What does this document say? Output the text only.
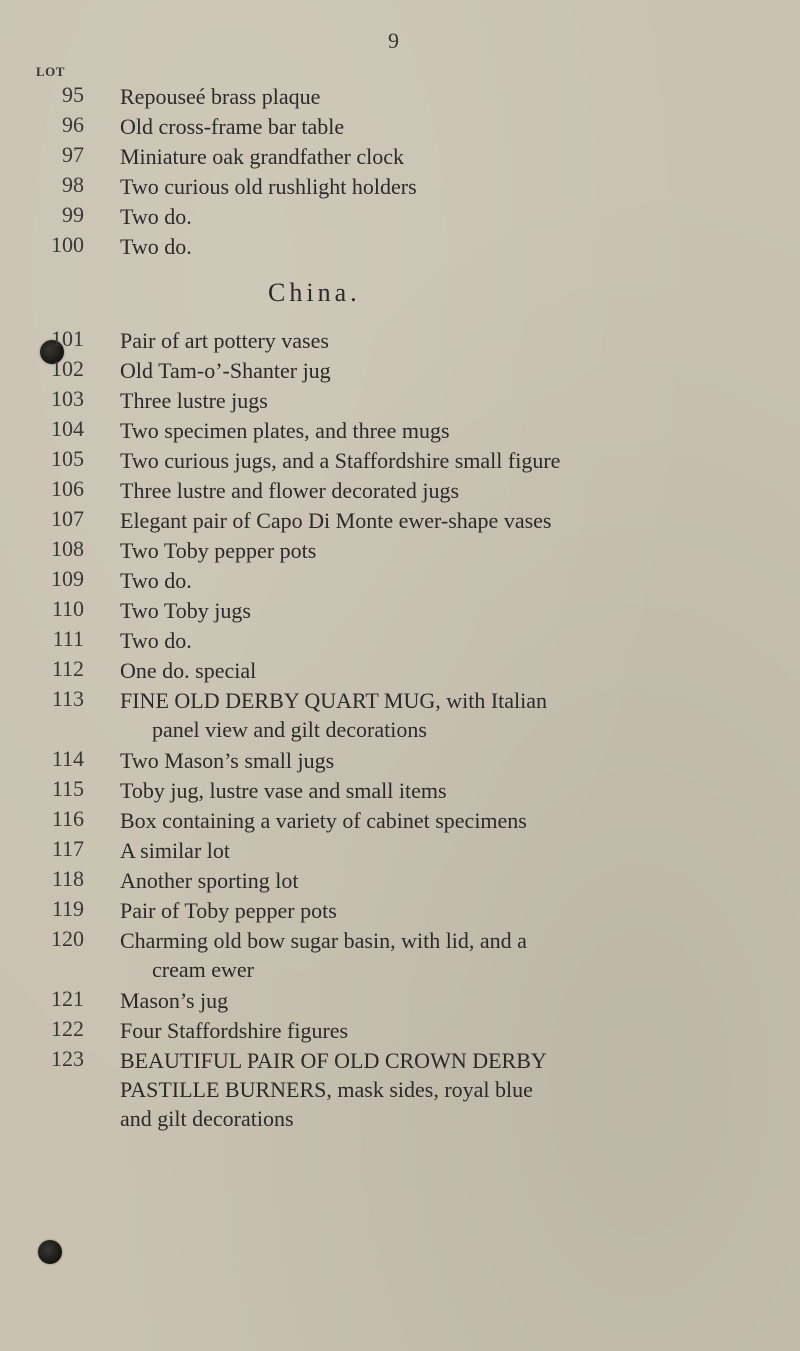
9
LOT
95 Repouseé brass plaque
96 Old cross-frame bar table
97 Miniature oak grandfather clock
98 Two curious old rushlight holders
99 Two do.
100 Two do.
China.
101 Pair of art pottery vases
102 Old Tam-o’-Shanter jug
103 Three lustre jugs
104 Two specimen plates, and three mugs
105 Two curious jugs, and a Staffordshire small figure
106 Three lustre and flower decorated jugs
107 Elegant pair of Capo Di Monte ewer-shape vases
108 Two Toby pepper pots
109 Two do.
110 Two Toby jugs
111 Two do.
112 One do. special
113 FINE OLD DERBY QUART MUG, with Italian
panel view and gilt decorations
114 Two Mason’s small jugs
115 Toby jug, lustre vase and small items
116 Box containing a variety of cabinet specimens
117 A similar lot
118 Another sporting lot
119 Pair of Toby pepper pots
120 Charming old bow sugar basin, with lid, and a
cream ewer
121 Mason’s jug
122 Four Staffordshire figures
123 BEAUTIFUL PAIR OF OLD CROWN DERBY
PASTILLE BURNERS, mask sides, royal blue
and gilt decorations
